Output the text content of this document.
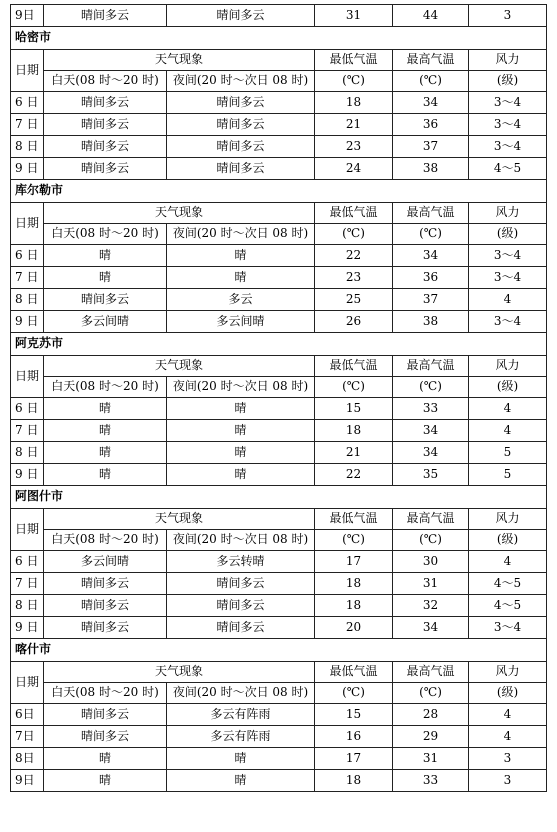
9日	晴间多云	晴间多云	31	44	3
哈密市					
日期	天气现象		最低气温	最高气温	风力
	白天(08 时～20 时)	夜间(20 时～次日 08 时)	(℃)	(℃)	(级)
6 日	晴间多云	晴间多云	18	34	3～4
7 日	晴间多云	晴间多云	21	36	3～4
8 日	晴间多云	晴间多云	23	37	3～4
9 日	晴间多云	晴间多云	24	38	4～5
库尔勒市					
日期	天气现象		最低气温	最高气温	风力
	白天(08 时～20 时)	夜间(20 时～次日 08 时)	(℃)	(℃)	(级)
6 日	晴	晴	22	34	3～4
7 日	晴	晴	23	36	3～4
8 日	晴间多云	多云	25	37	4
9 日	多云间晴	多云间晴	26	38	3～4
阿克苏市					
日期	天气现象		最低气温	最高气温	风力
	白天(08 时～20 时)	夜间(20 时～次日 08 时)	(℃)	(℃)	(级)
6 日	晴	晴	15	33	4
7 日	晴	晴	18	34	4
8 日	晴	晴	21	34	5
9 日	晴	晴	22	35	5
阿图什市					
日期	天气现象		最低气温	最高气温	风力
	白天(08 时～20 时)	夜间(20 时～次日 08 时)	(℃)	(℃)	(级)
6 日	多云间晴	多云转晴	17	30	4
7 日	晴间多云	晴间多云	18	31	4～5
8 日	晴间多云	晴间多云	18	32	4～5
9 日	晴间多云	晴间多云	20	34	3～4
喀什市					
日期	天气现象		最低气温	最高气温	风力
	白天(08 时～20 时)	夜间(20 时～次日 08 时)	(℃)	(℃)	(级)
6日	晴间多云	多云有阵雨	15	28	4
7日	晴间多云	多云有阵雨	16	29	4
8日	晴	晴	17	31	3
9日	晴	晴	18	33	3
